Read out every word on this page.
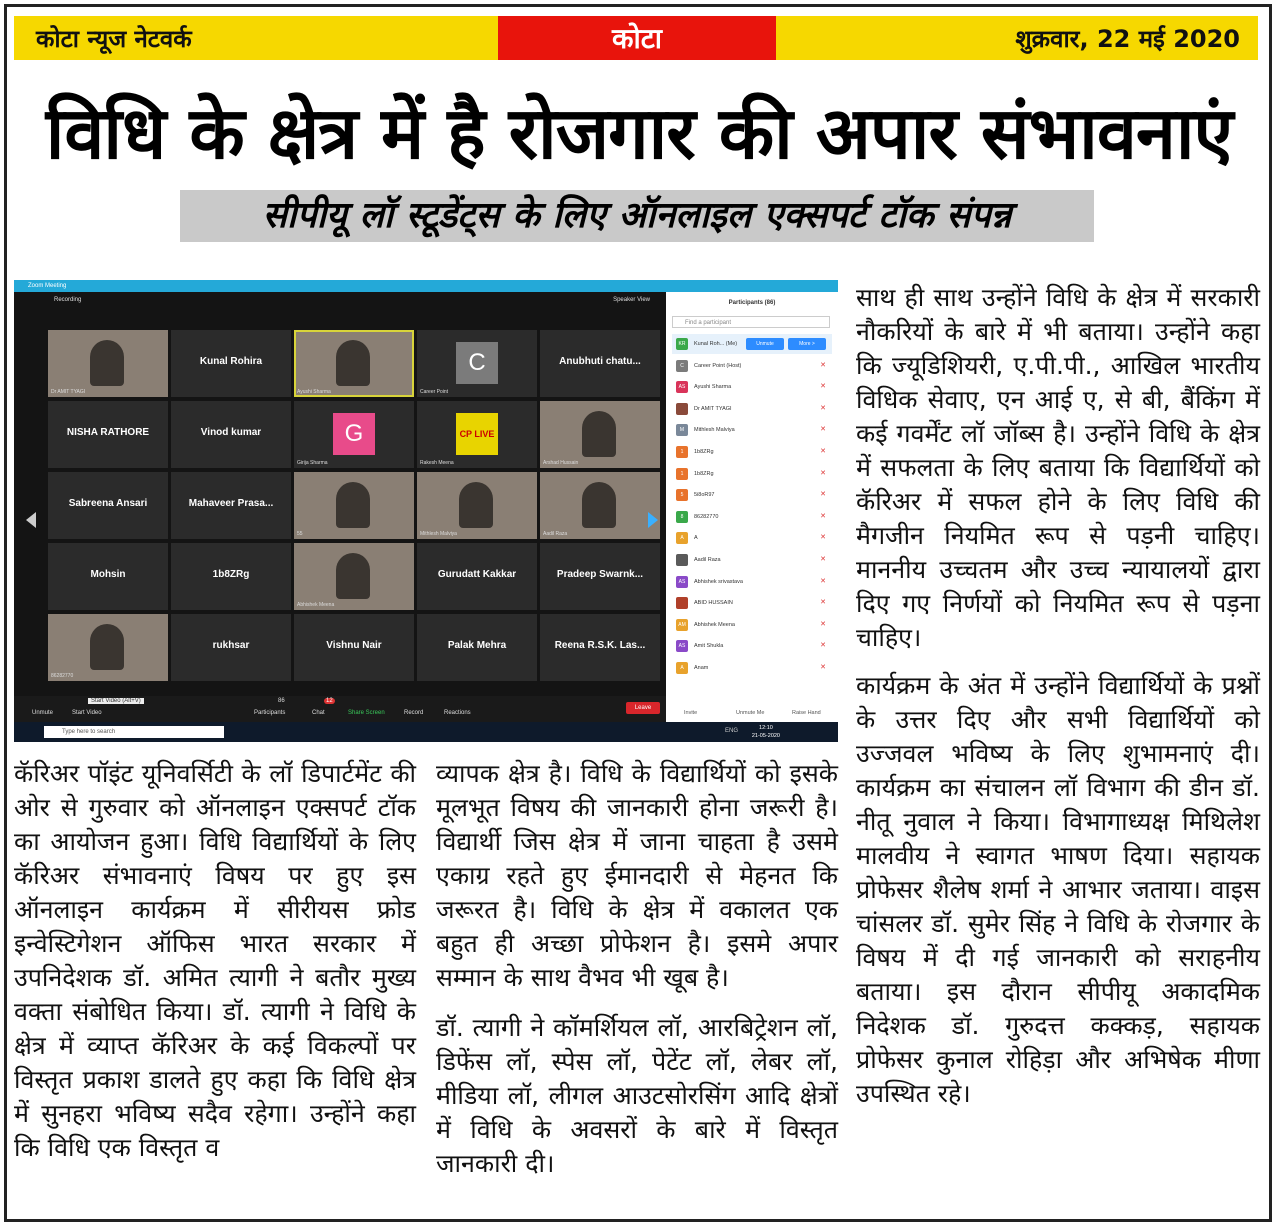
कोटा न्यूज नेटवर्क	कोटा	शुक्रवार, 22 मई 2020
विधि के क्षेत्र में है रोजगार की अपार संभावनाएं
सीपीयू लॉ स्टूडेंट्स के लिए ऑनलाइल एक्सपर्ट टॉक संपन्न
Zoom Meeting
Recording	Speaker View
Dr AMIT TYAGI
Kunal Rohira
Ayushi Sharma
C
Career Point
Anubhuti chatu...
NISHA RATHORE	Vinod kumar	G
Girija Sharma
CP LIVE
Rakesh Meena	Arshad Hussain
Sabreena Ansari	Mahaveer Prasa...
55	Mithlesh Malviya	Aadil Raza
Mohsin	1b8ZRg
Abhishek Meena
Gurudatt Kakkar	Pradeep Swarnk...
86282770
rukhsar	Vishnu Nair	Palak Mehra	Reena R.S.K. Las...
Unmute	Start Video
Start Video (Alt+V)	86
Participants
12
Chat	Share Screen	Record	Reactions
Leave
Participants (86)
Find a participant
KR	Kunal Roh... (Me)	Unmute	More >
C	Career Point (Host)	✕
AS	Ayushi Sharma	✕
Dr AMIT TYAGI	✕
M	Mithlesh Malviya	✕
1	1b8ZRg	✕
1	1b8ZRg	✕
5	5i8oR97	✕
8	86282770	✕
A	A	✕
Aadil Raza	✕
AS	Abhishek srivastava	✕
ABID HUSSAIN	✕
AM	Abhishek Meena	✕
AS	Amit Shukla	✕
A	Anam	✕
Invite	Unmute Me	Raise Hand
Type here to search	ENG	12:10
21-05-2020

कॅरिअर पॉइंट यूनिवर्सिटी के लॉ डिपार्टमेंट की ओर से गुरुवार को ऑनलाइन एक्सपर्ट टॉक का आयोजन हुआ। विधि विद्यार्थियों के लिए कॅरिअर संभावनाएं विषय पर हुए इस ऑनलाइन कार्यक्रम में सीरीयस फ्रोड इन्वेस्टिगेशन ऑफिस भारत सरकार में उपनिदेशक डॉ. अमित त्यागी ने बतौर मुख्य वक्ता संबोधित किया। डॉ. त्यागी ने विधि के क्षेत्र में व्याप्त कॅरिअर के कई विकल्पों पर विस्तृत प्रकाश डालते हुए कहा कि विधि क्षेत्र में सुनहरा भविष्य सदैव रहेगा। उन्होंने कहा कि विधि एक विस्तृत व

व्यापक क्षेत्र है। विधि के विद्यार्थियों को इसके मूलभूत विषय की जानकारी होना जरूरी है। विद्यार्थी जिस क्षेत्र में जाना चाहता है उसमे एकाग्र रहते हुए ईमानदारी से मेहनत कि जरूरत है। विधि के क्षेत्र में वकालत एक बहुत ही अच्छा प्रोफेशन है। इसमे अपार सम्मान के साथ वैभव भी खूब है।

डॉ. त्यागी ने कॉमर्शियल लॉ, आरबिट्रेशन लॉ, डिफेंस लॉ, स्पेस लॉ, पेटेंट लॉ, लेबर लॉ, मीडिया लॉ, लीगल आउटसोरसिंग आदि क्षेत्रों में विधि के अवसरों के बारे में विस्तृत जानकारी दी।

साथ ही साथ उन्होंने विधि के क्षेत्र में सरकारी नौकरियों के बारे में भी बताया। उन्होंने कहा कि ज्यूडिशियरी, ए.पी.पी., आखिल भारतीय विधिक सेवाए, एन आई ए, से बी, बैंकिंग में कई गवर्मेंट लॉ जॉब्स है। उन्होंने विधि के क्षेत्र में सफलता के लिए बताया कि विद्यार्थियों को कॅरिअर में सफल होने के लिए विधि की मैगजीन नियमित रूप से पड़नी चाहिए। माननीय उच्चतम और उच्च न्यायालयों द्वारा दिए गए निर्णयों को नियमित रूप से पड़ना चाहिए।

कार्यक्रम के अंत में उन्होंने विद्यार्थियों के प्रश्नों के उत्तर दिए और सभी विद्यार्थियों को उज्जवल भविष्य के लिए शुभामनाएं दी। कार्यक्रम का संचालन लॉ विभाग की डीन डॉ. नीतू नुवाल ने किया। विभागाध्यक्ष मिथिलेश मालवीय ने स्वागत भाषण दिया। सहायक प्रोफेसर शैलेष शर्मा ने आभार जताया। वाइस चांसलर डॉ. सुमेर सिंह ने विधि के रोजगार के विषय में दी गई जानकारी को सराहनीय बताया। इस दौरान सीपीयू अकादमिक निदेशक डॉ. गुरुदत्त कक्कड़, सहायक प्रोफेसर कुनाल रोहिड़ा और अभिषेक मीणा उपस्थित रहे।
